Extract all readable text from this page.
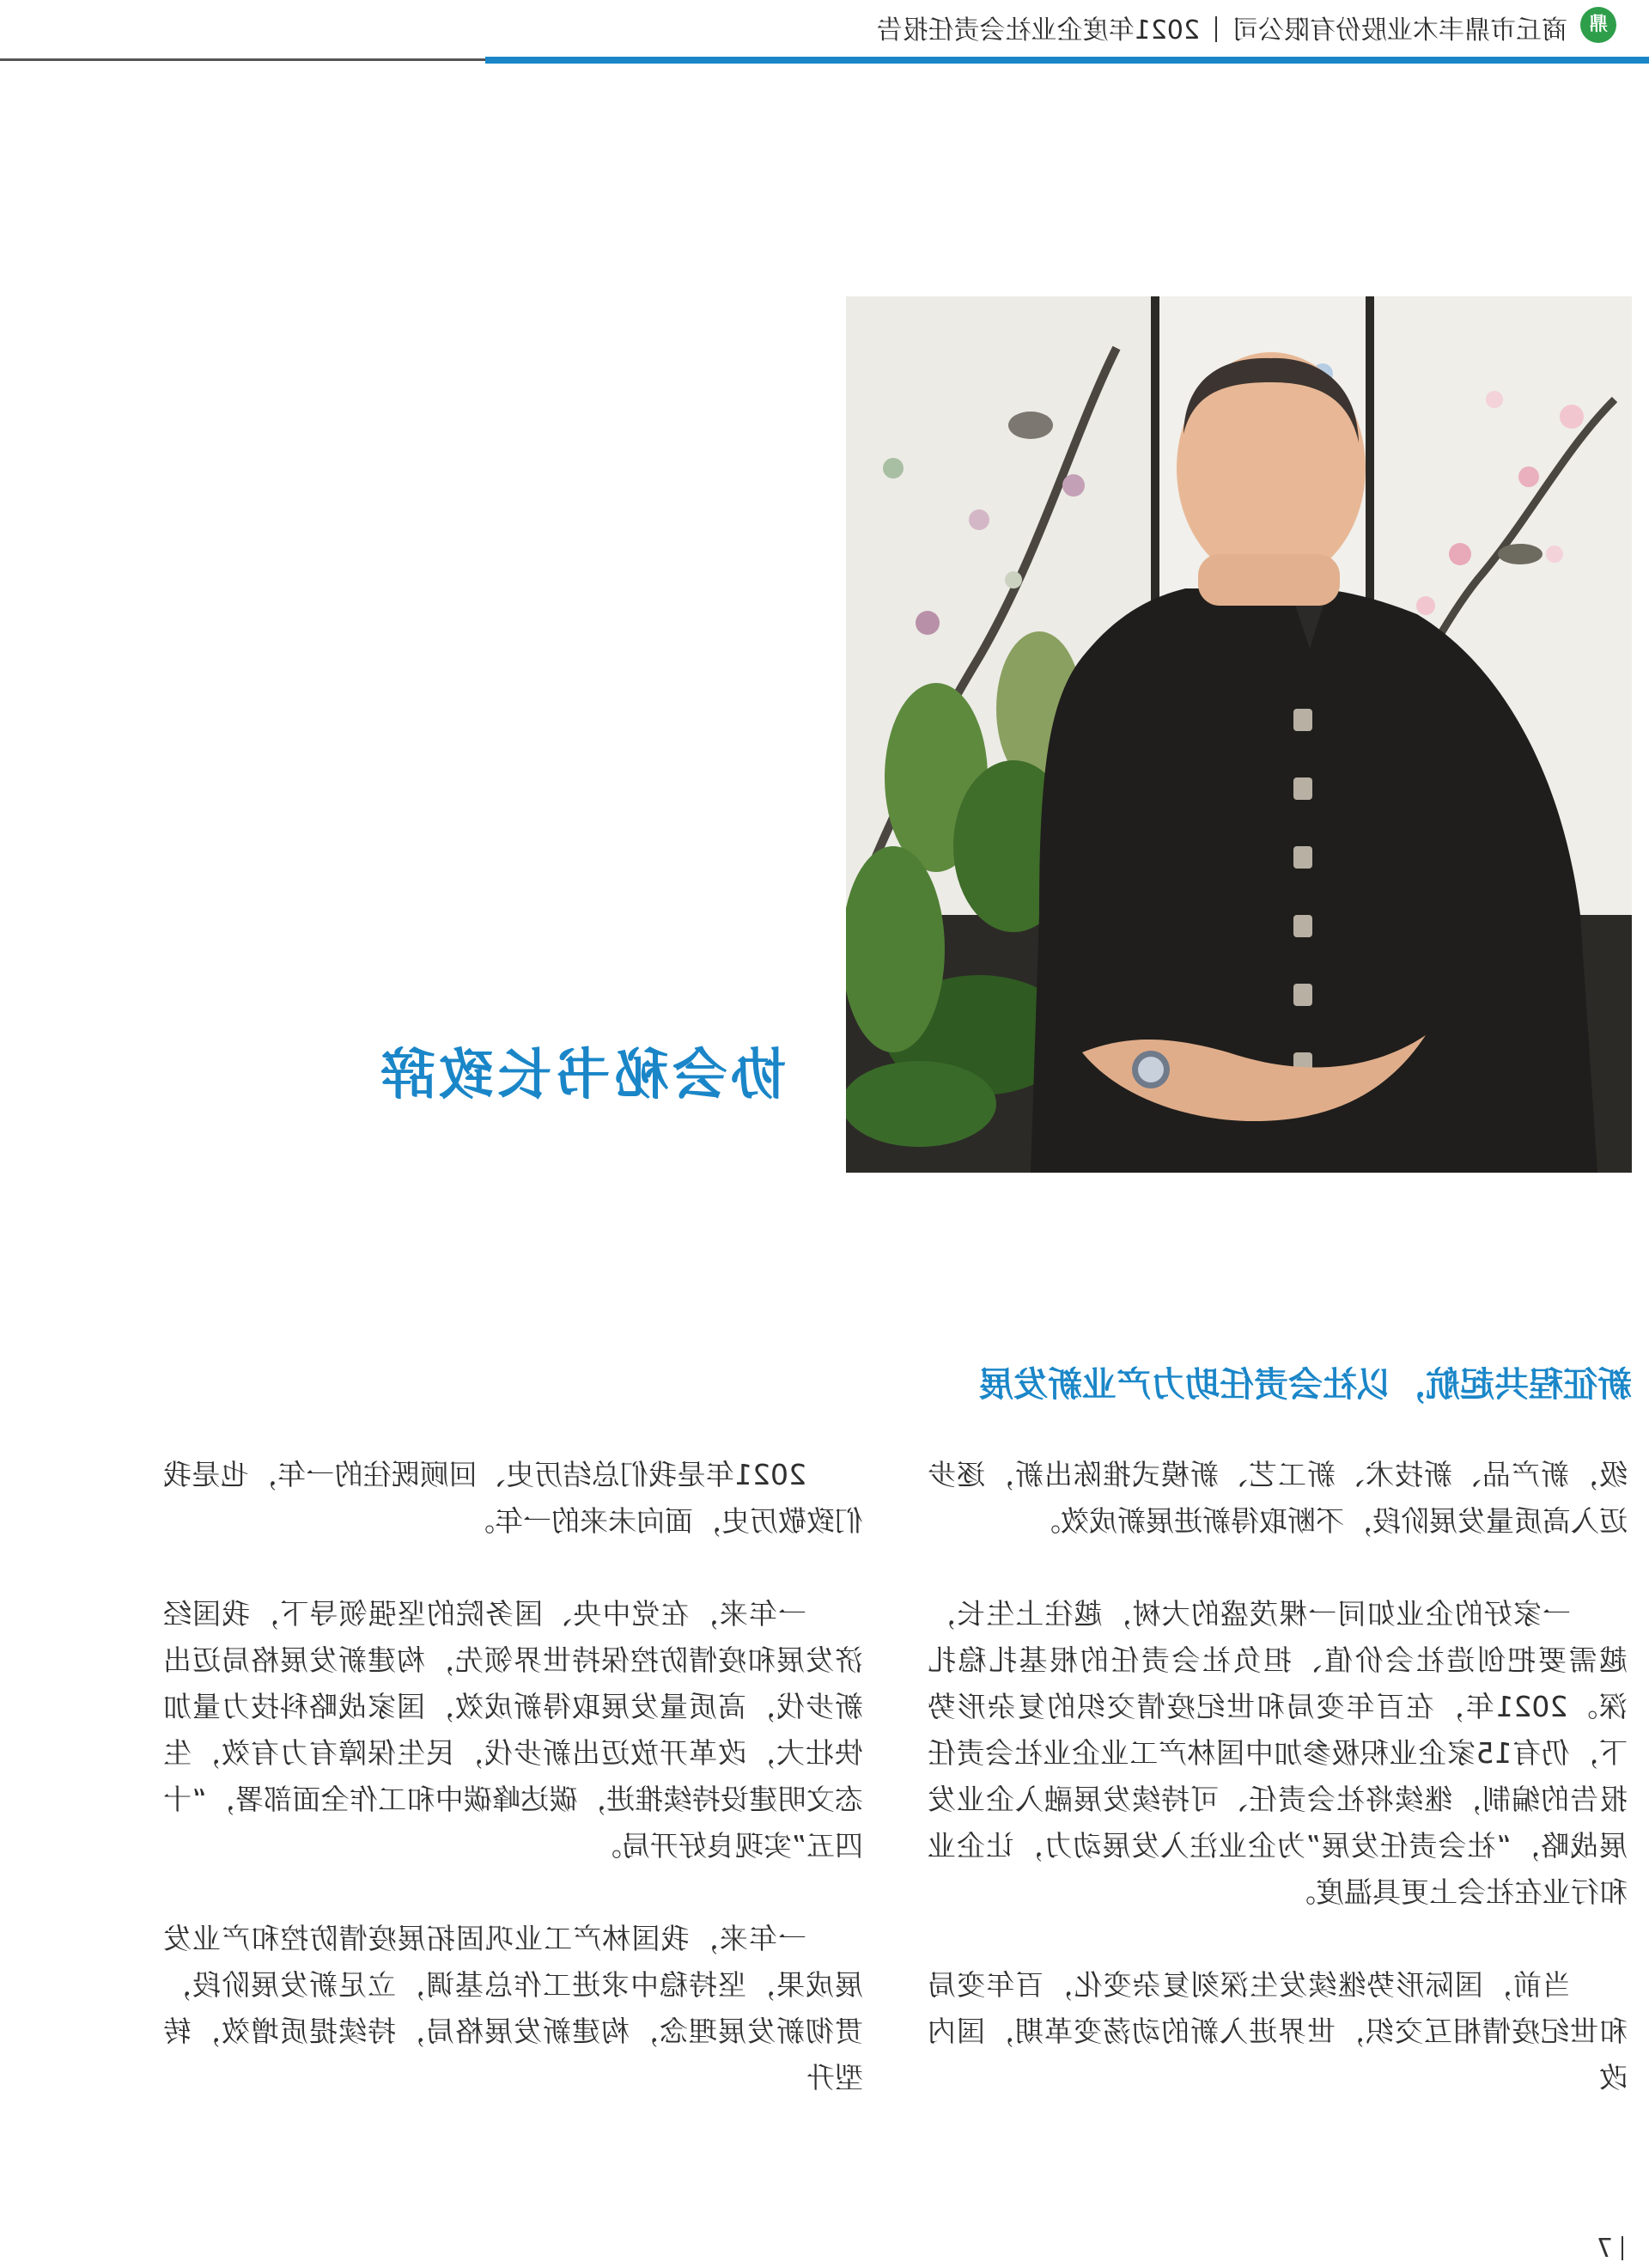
鼎
商丘市鼎丰木业股份有限公司2021年度企业社会责任报告
协会秘书长致辞
新征程共起航，以社会责任助力产业新发展

2021年是我们总结历史、回顾既往的一年，也是我们致敬历史，面向未来的一年。

一年来，在党中央、国务院的坚强领导下，我国经济发展和疫情防控保持世界领先，构建新发展格局迈出新步伐，高质量发展取得新成效，国家战略科技力量加快壮大，改革开放迈出新步伐，民生保障有力有效，生态文明建设持续推进，碳达峰碳中和工作全面部署，“十四五”实现良好开局。

一年来，我国林产工业巩固拓展疫情防控和产业发展成果，坚持稳中求进工作总基调，立足新发展阶段，贯彻新发展理念，构建新发展格局，持续提质增效，转型升

级，新产品、新技术、新工艺、新模式推陈出新，逐步迈入高质量发展阶段，不断取得新进展新成效。

一家好的企业如同一棵茂盛的大树，越往上生长，越需要把创造社会价值、担负社会责任的根基扎稳扎深。2021年，在百年变局和世纪疫情交织的复杂形势下，仍有15家企业积极参加中国林产工业企业社会责任报告的编制，继续将社会责任、可持续发展融入企业发展战略，“社会责任发展”为企业注入发展动力，让企业和行业在社会上更具温度。

当前，国际形势继续发生深刻复杂变化，百年变局和世纪疫情相互交织，世界进入新的动荡变革期，国内改

7
